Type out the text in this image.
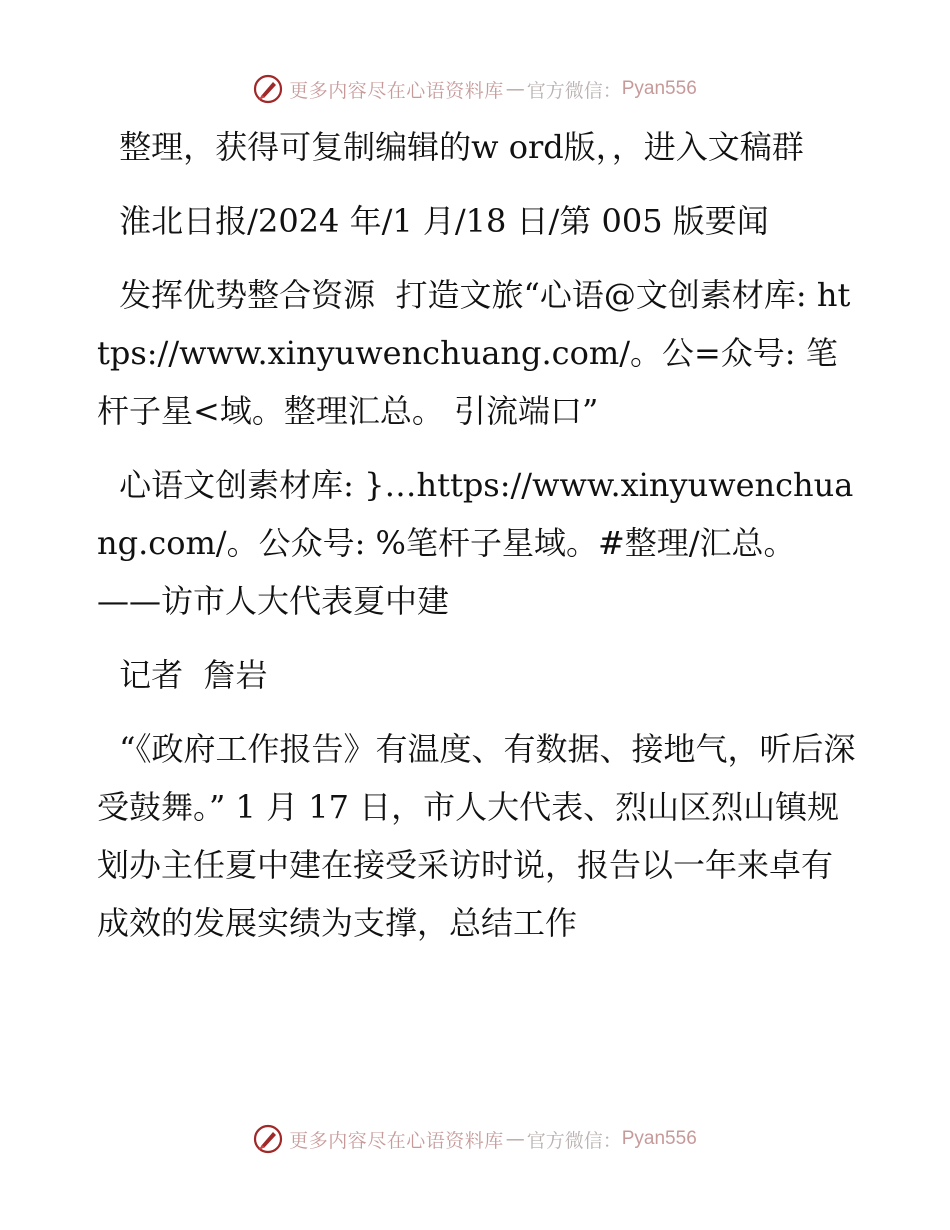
更多内容尽在心语资料库 — 官方微信： Pyan556

整理，获得可复制编辑的w ord版，，进入文稿群

淮北日报/2024 年/1 月/18 日/第 005 版要闻

发挥优势整合资源  打造文旅“心语@文创素材库: https://www.xinyuwenchuang.com/。公=众号: 笔杆子星<域。整理汇总。 引流端口”

心语文创素材库: }…https://www.xinyuwenchuang.com/。公众号: %笔杆子星域。#整理/汇总。——访市人大代表夏中建

记者  詹岩

“《政府工作报告》有温度、有数据、接地气，听后深受鼓舞。” 1 月 17 日，市人大代表、烈山区烈山镇规划办主任夏中建在接受采访时说，报告以一年来卓有成效的发展实绩为支撑，总结工作

更多内容尽在心语资料库 — 官方微信： Pyan556
